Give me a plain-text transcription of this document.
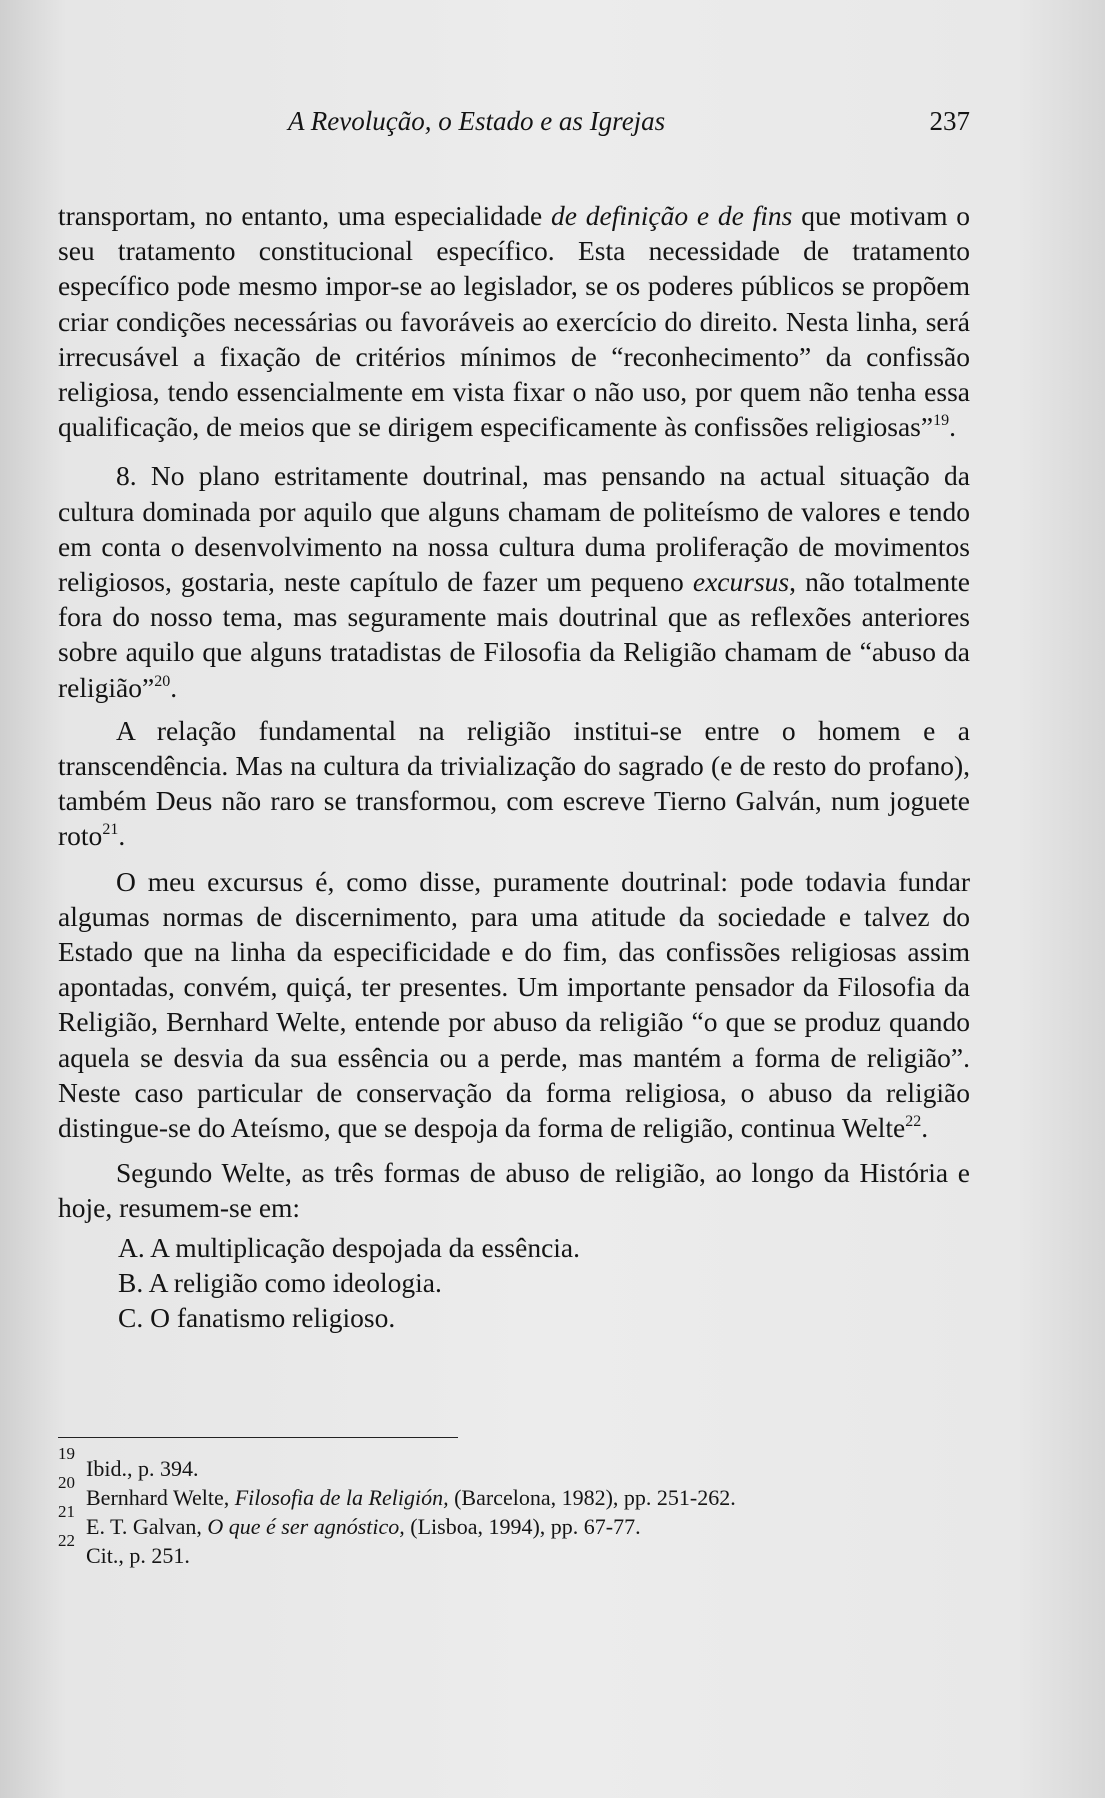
A Revolução, o Estado e as Igrejas	237

transportam, no entanto, uma especialidade de definição e de fins que motivam o seu tratamento constitucional específico. Esta necessidade de tratamento específico pode mesmo impor-se ao legislador, se os poderes públicos se propõem criar condições necessárias ou favoráveis ao exercício do direito. Nesta linha, será irrecusável a fixação de critérios mínimos de “reconhecimento” da confissão religiosa, tendo essencialmente em vista fixar o não uso, por quem não tenha essa qualificação, de meios que se dirigem especificamente às confissões religiosas”$^{19}$.

8. No plano estritamente doutrinal, mas pensando na actual situação da cultura dominada por aquilo que alguns chamam de politeísmo de valores e tendo em conta o desenvolvimento na nossa cultura duma proliferação de movimentos religiosos, gostaria, neste capítulo de fazer um pequeno excursus, não totalmente fora do nosso tema, mas seguramente mais doutrinal que as reflexões anteriores sobre aquilo que alguns tratadistas de Filosofia da Religião chamam de “abuso da religião”$^{20}$.

A relação fundamental na religião institui-se entre o homem e a transcendência. Mas na cultura da trivialização do sagrado (e de resto do profano), também Deus não raro se transformou, com escreve Tierno Galván, num joguete roto$^{21}$.

O meu excursus é, como disse, puramente doutrinal: pode todavia fundar algumas normas de discernimento, para uma atitude da sociedade e talvez do Estado que na linha da especificidade e do fim, das confissões religiosas assim apontadas, convém, quiçá, ter presentes. Um importante pensador da Filosofia da Religião, Bernhard Welte, entende por abuso da religião “o que se produz quando aquela se desvia da sua essência ou a perde, mas mantém a forma de religião”. Neste caso particular de conservação da forma religiosa, o abuso da religião distingue-se do Ateísmo, que se despoja da forma de religião, continua Welte$^{22}$.

Segundo Welte, as três formas de abuso de religião, ao longo da História e hoje, resumem-se em:

A. A multiplicação despojada da essência.
B. A religião como ideologia.
C. O fanatismo religioso.
19
Ibid., p. 394.
20
Bernhard Welte, Filosofia de la Religión, (Barcelona, 1982), pp. 251-262.
21
E. T. Galvan, O que é ser agnóstico, (Lisboa, 1994), pp. 67-77.
22
Cit., p. 251.
